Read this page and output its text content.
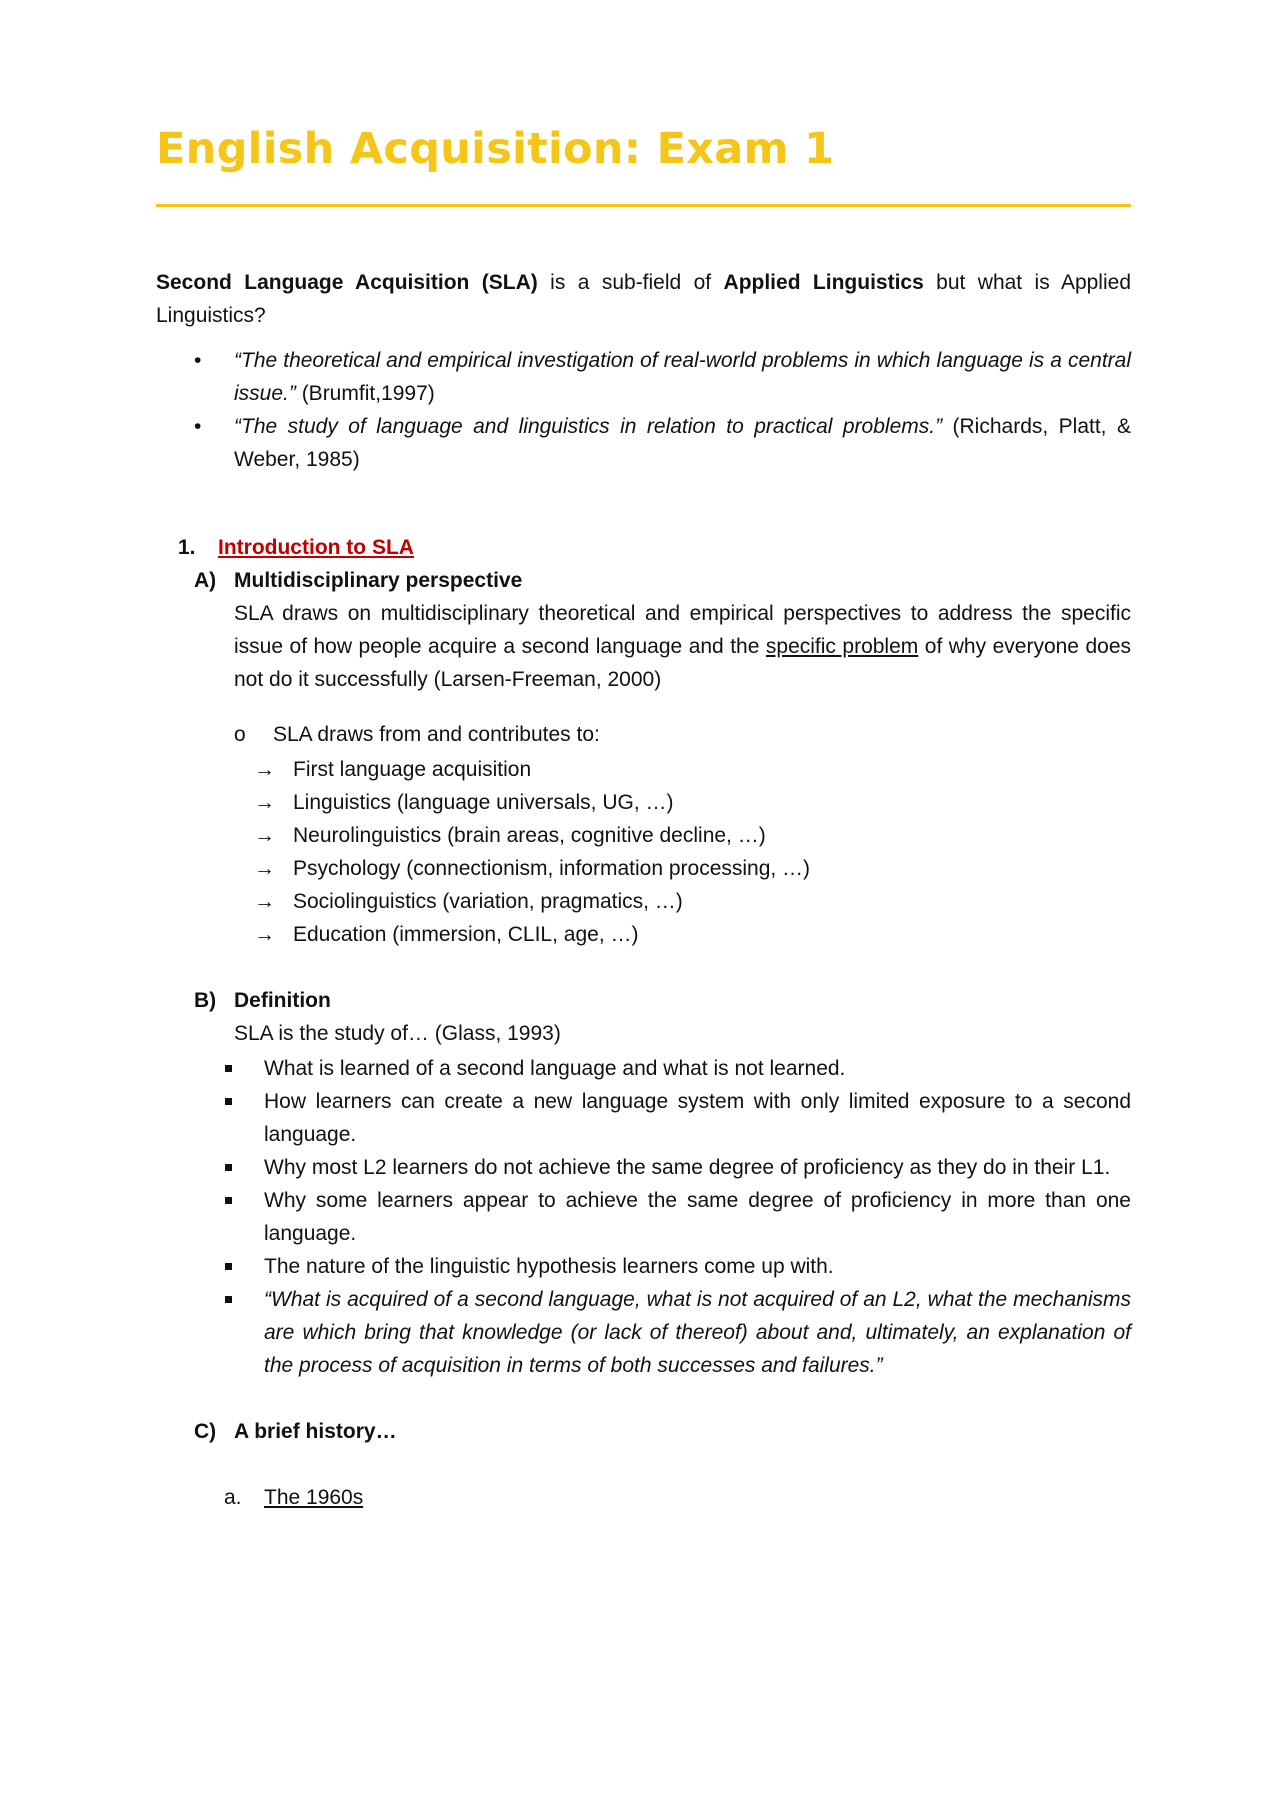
English Acquisition: Exam 1

Second Language Acquisition (SLA) is a sub-field of Applied Linguistics but what is Applied Linguistics?

• “The theoretical and empirical investigation of real-world problems in which language is a central issue.” (Brumfit,1997)
• “The study of language and linguistics in relation to practical problems.” (Richards, Platt, & Weber, 1985)
1. Introduction to SLA
A) Multidisciplinary perspective

SLA draws on multidisciplinary theoretical and empirical perspectives to address the specific issue of how people acquire a second language and the specific problem of why everyone does not do it successfully (Larsen-Freeman, 2000)

o SLA draws from and contributes to:
→ First language acquisition
→ Linguistics (language universals, UG, …)
→ Neurolinguistics (brain areas, cognitive decline, …)
→ Psychology (connectionism, information processing, …)
→ Sociolinguistics (variation, pragmatics, …)
→ Education (immersion, CLIL, age, …)
B) Definition

SLA is the study of… (Glass, 1993)

What is learned of a second language and what is not learned.
How learners can create a new language system with only limited exposure to a second language.
Why most L2 learners do not achieve the same degree of proficiency as they do in their L1.
Why some learners appear to achieve the same degree of proficiency in more than one language.
The nature of the linguistic hypothesis learners come up with.
“What is acquired of a second language, what is not acquired of an L2, what the mechanisms are which bring that knowledge (or lack of thereof) about and, ultimately, an explanation of the process of acquisition in terms of both successes and failures.”
C) A brief history…
a. The 1960s
